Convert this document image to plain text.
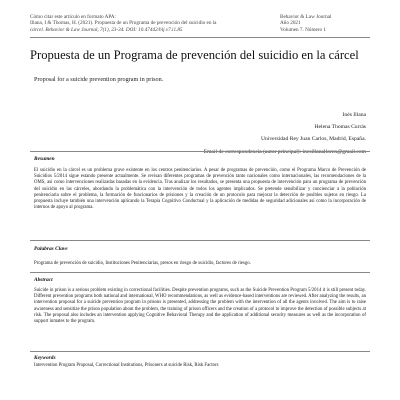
Cómo citar este artículo en formato APA:
Illana, I & Thomas, H. (2021). Propuesta de un Programa de prevención del suicidio en la
cárcel. Behavior & Law Journal, 7(1), 23-34. DOI: 10.47442/blj.v7.i1.85
Behavior & Law Journal
Año 2021
Volumen 7. Número 1
Propuesta de un Programa de prevención del suicidio en la cárcel
Proposal for a suicide prevention program in prison.
Inés Illana
Helena Thomas Currás
Universidad Rey Juan Carlos, Madrid, España.
Email de correspondencia (autor principal): inesillanalloren@gmail.com
Resumen
El suicidio en la cárcel es un problema grave existente en los centros penitenciarios. A pesar de programas de prevención, como el Programa Marco de Prevención de Suicidios 5/2014 sigue estando presente actualmente. Se revisan diferentes programas de prevención tanto nacionales como internacionales, las recomendaciones de la OMS, así como intervenciones realizadas basadas en la evidencia. Tras analizar los resultados, se presenta una propuesta de intervención para un programa de prevención del suicidio en las cárceles, abordando la problemática con la intervención de todos los agentes implicados. Se pretende sensibilizar y concienciar a la población penitenciaria sobre el problema, la formación de funcionarios de prisiones y la creación de un protocolo para mejorar la detección de posibles sujetos en riesgo. La propuesta incluye también una intervención aplicando la Terapia Cognitivo Conductual y la aplicación de medidas de seguridad adicionales así como la incorporación de internos de apoyo al programa.
Palabras Clave
Programa de prevención de suicidio, Instituciones Penitenciarias, presos en riesgo de suicidio, factores de riesgo.
Abstract
Suicide in prison is a serious problem existing in correctional facilities. Despite prevention programs, such as the Suicide Prevention Program 5/2014 it is still present today. Different prevention programs both national and international, WHO recommendations, as well as evidence-based interventions are reviewed. After analyzing the results, an intervention proposal for a suicide prevention program in prisons is presented, addressing the problem with the intervention of all the agents involved. The aim is to raise awareness and sensitize the prison population about the problem, the training of prison officers and the creation of a protocol to improve the detection of possible subjects at risk. The proposal also includes an intervention applying Cognitive Behavioral Therapy and the application of additional security measures as well as the incorporation of support inmates to the program.
Keywords
Intervention Program Proposal, Correctional Institutions, Prisoners at suicide Risk, Risk Factors
